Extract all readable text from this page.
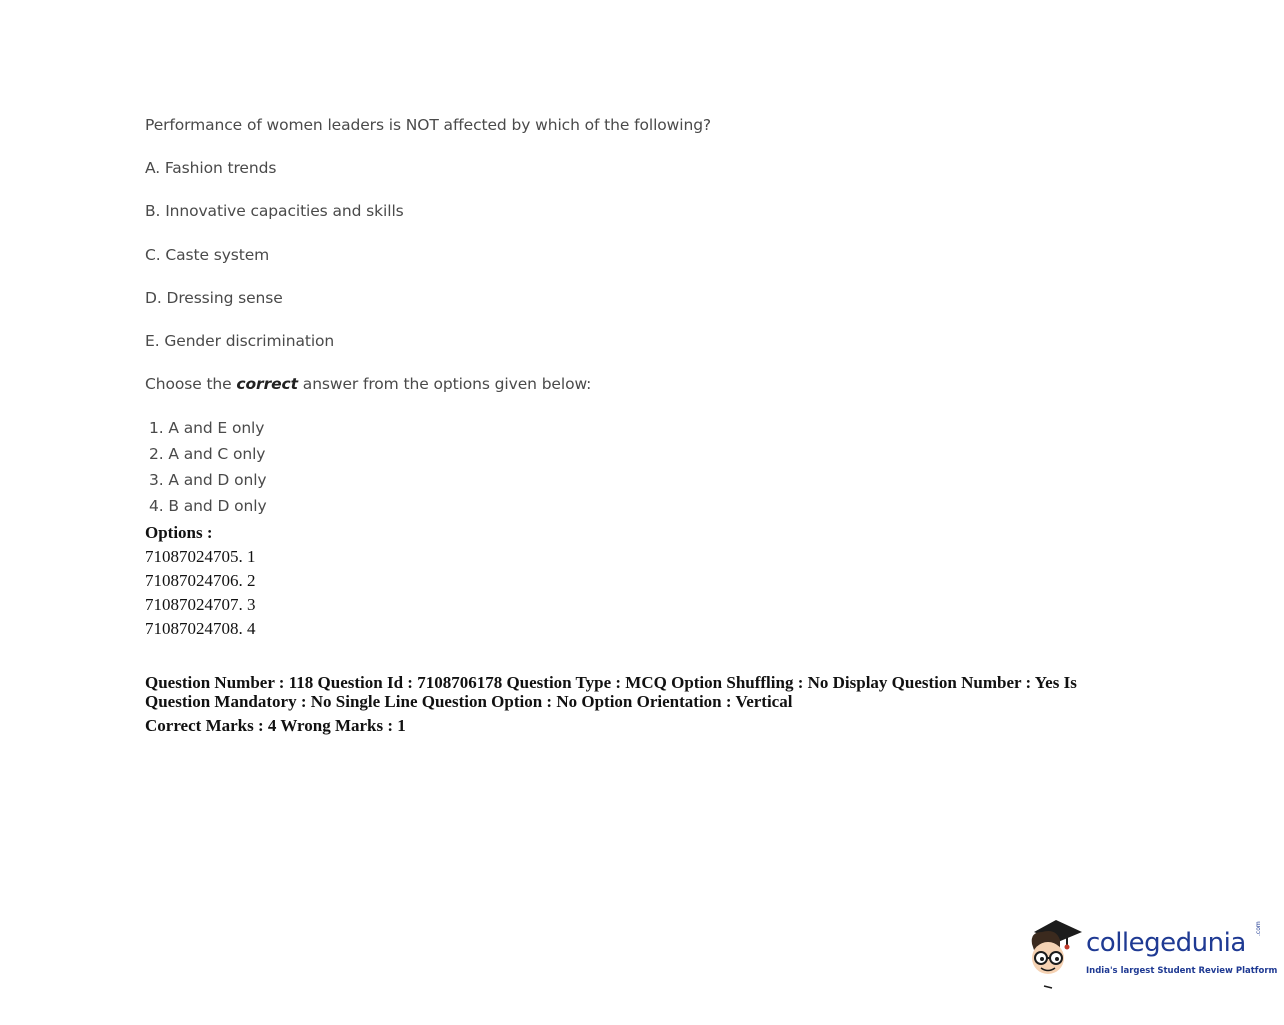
Performance of women leaders is NOT affected by which of the following?
A. Fashion trends
B. Innovative capacities and skills
C. Caste system
D. Dressing sense
E. Gender discrimination
Choose the correct answer from the options given below:
1. A and E only
2. A and C only
3. A and D only
4. B and D only
Options :
71087024705. 1
71087024706. 2
71087024707. 3
71087024708. 4
Question Number : 118 Question Id : 7108706178 Question Type : MCQ Option Shuffling : No Display Question Number : Yes Is
Question Mandatory : No Single Line Question Option : No Option Orientation : Vertical
Correct Marks : 4 Wrong Marks : 1
collegedunia .com
India's largest Student Review Platform
